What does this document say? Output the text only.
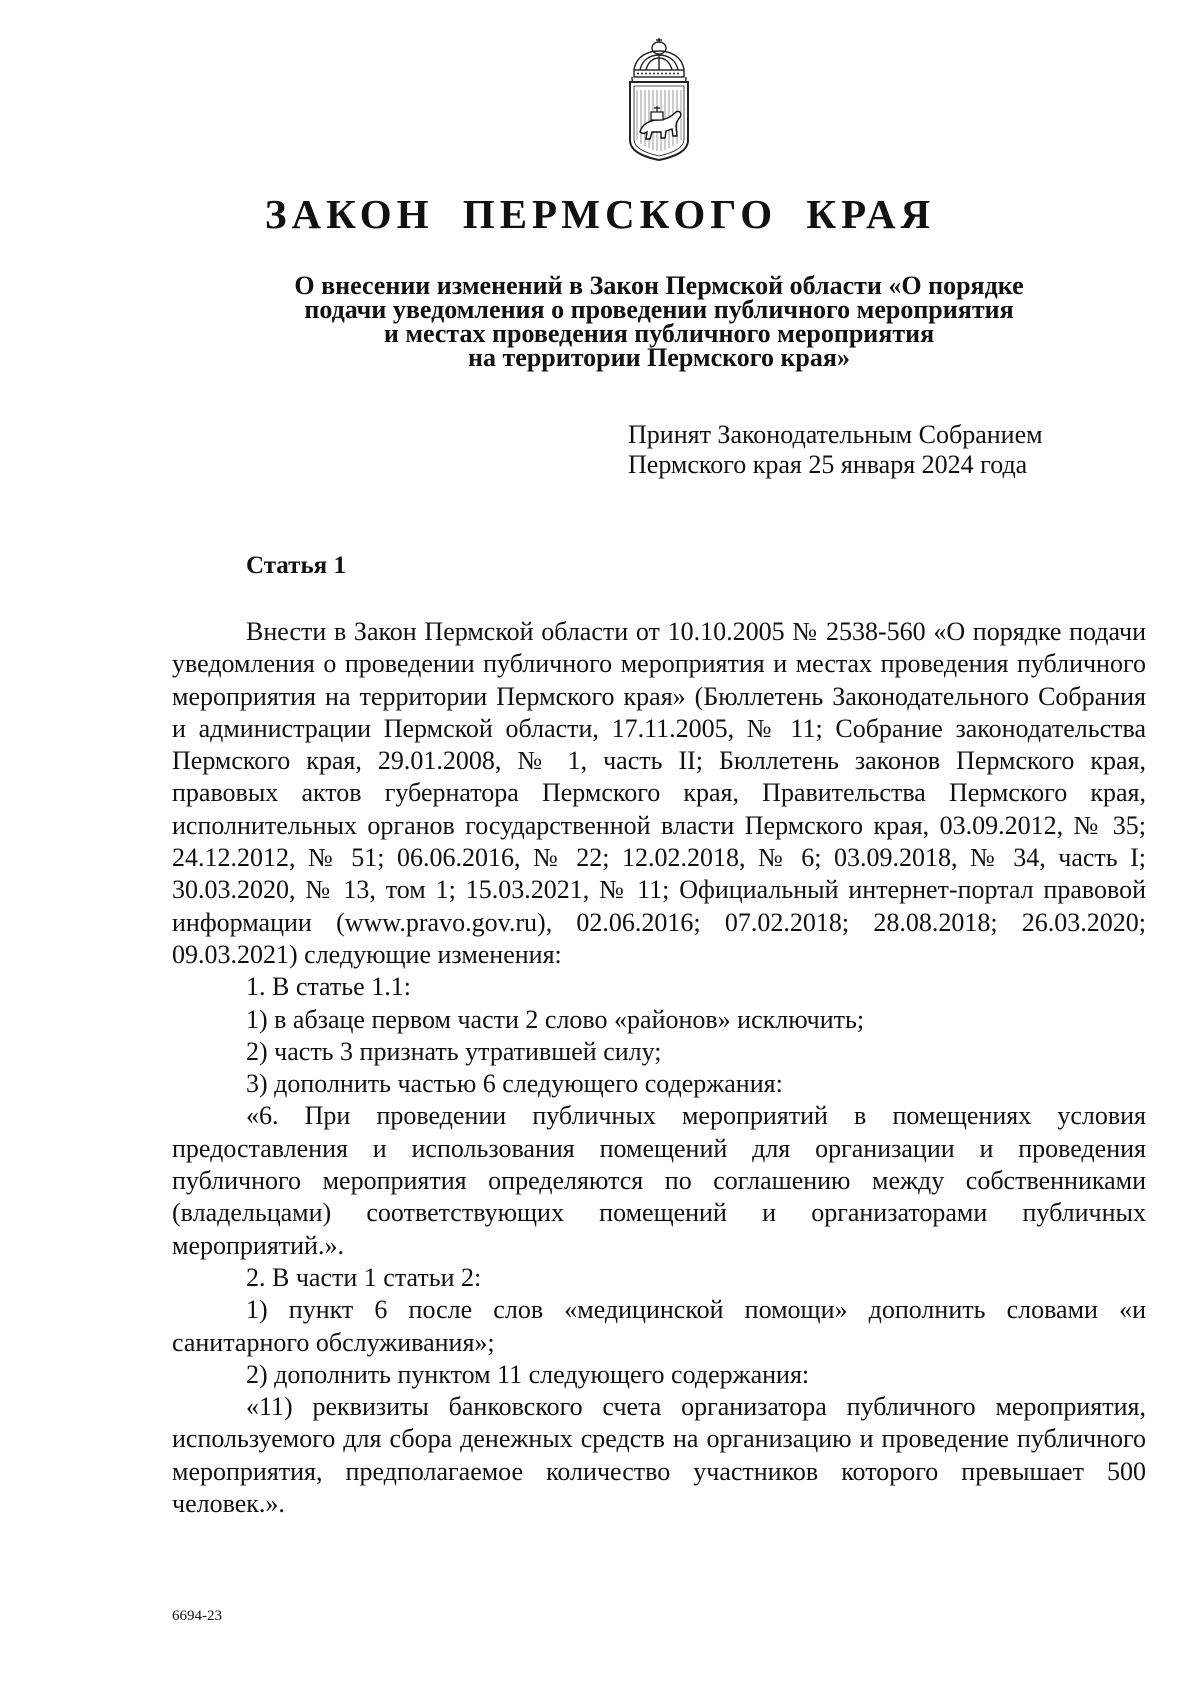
ЗАКОН ПЕРМСКОГО КРАЯ
О внесении изменений в Закон Пермской области «О порядке
подачи уведомления о проведении публичного мероприятия
и местах проведения публичного мероприятия
на территории Пермского края»
Принят Законодательным Собранием
Пермского края 25 января 2024 года
Статья 1

Внести в Закон Пермской области от 10.10.2005 № 2538-560 «О порядке подачи уведомления о проведении публичного мероприятия и местах проведения публичного мероприятия на территории Пермского края» (Бюллетень Законодательного Собрания и администрации Пермской области, 17.11.2005, № 11; Собрание законодательства Пермского края, 29.01.2008, № 1, часть II; Бюллетень законов Пермского края, правовых актов губернатора Пермского края, Правительства Пермского края, исполнительных органов государственной власти Пермского края, 03.09.2012, № 35; 24.12.2012, № 51; 06.06.2016, № 22; 12.02.2018, № 6; 03.09.2018, № 34, часть I; 30.03.2020, № 13, том 1; 15.03.2021, № 11; Официальный интернет-портал правовой информации (www.pravo.gov.ru), 02.06.2016; 07.02.2018; 28.08.2018; 26.03.2020; 09.03.2021) следующие изменения:

1. В статье 1.1:

1) в абзаце первом части 2 слово «районов» исключить;

2) часть 3 признать утратившей силу;

3) дополнить частью 6 следующего содержания:

«6. При проведении публичных мероприятий в помещениях условия предоставления и использования помещений для организации и проведения публичного мероприятия определяются по соглашению между собственниками (владельцами) соответствующих помещений и организаторами публичных мероприятий.».

2. В части 1 статьи 2:

1) пункт 6 после слов «медицинской помощи» дополнить словами «и санитарного обслуживания»;

2) дополнить пунктом 11 следующего содержания:

«11) реквизиты банковского счета организатора публичного мероприятия, используемого для сбора денежных средств на организацию и проведение публичного мероприятия, предполагаемое количество участников которого превышает 500 человек.».

6694-23
